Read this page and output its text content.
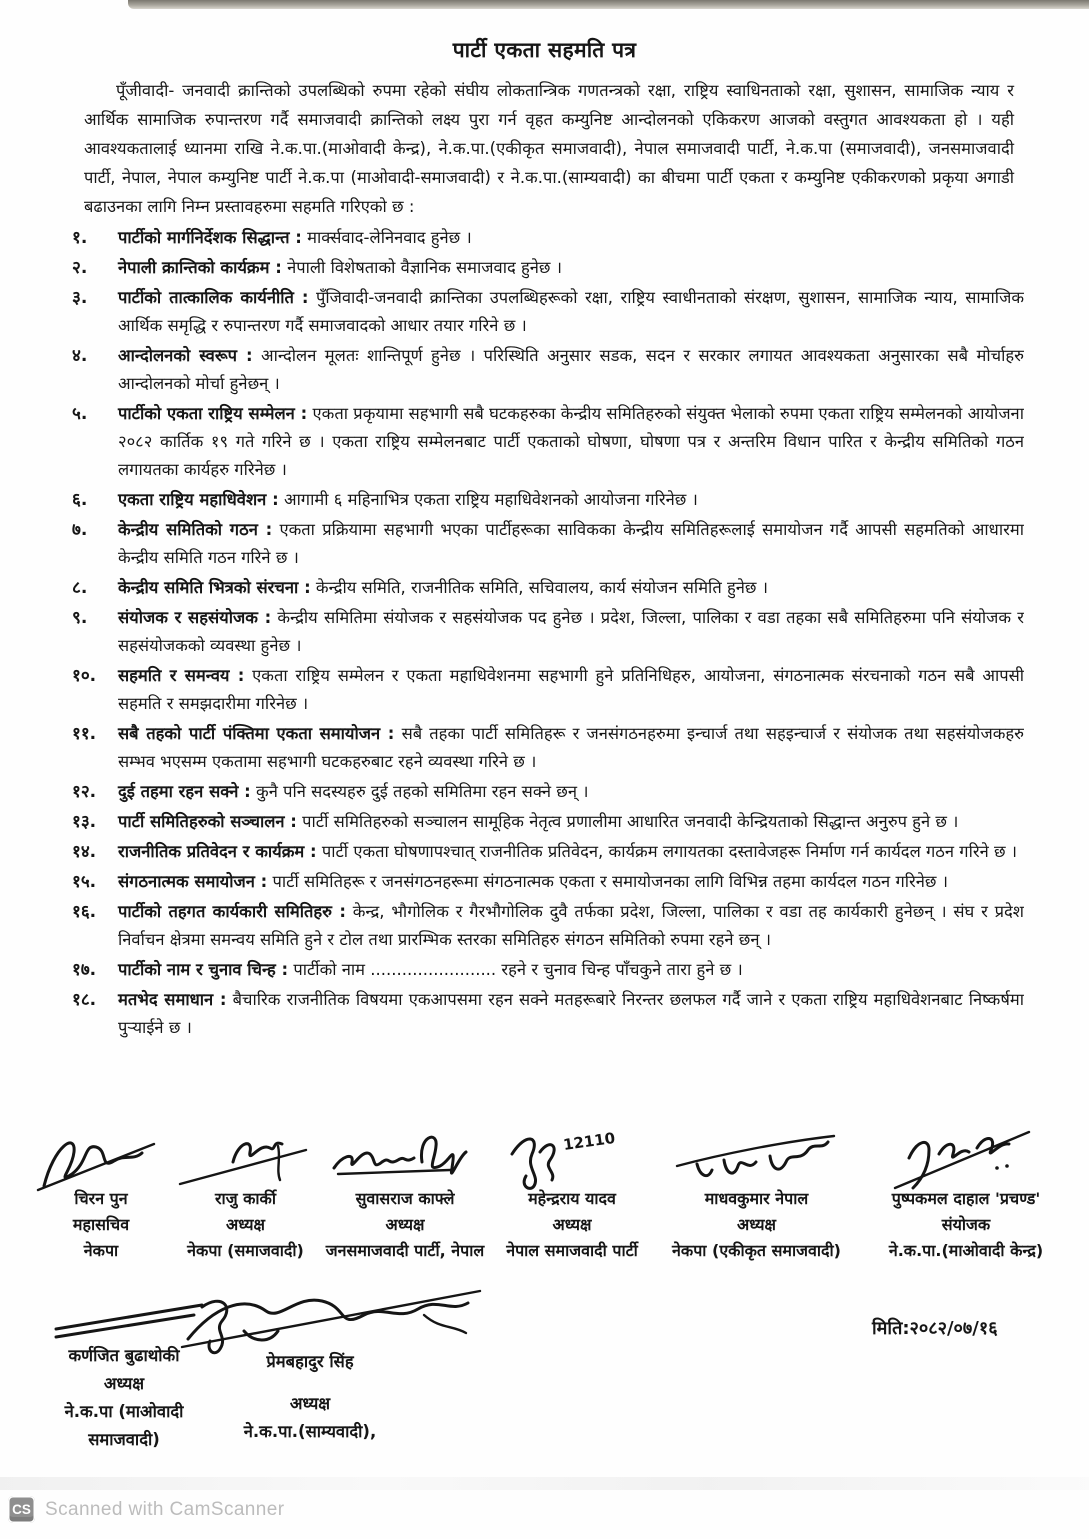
पार्टी एकता सहमति पत्र
पूँजीवादी- जनवादी क्रान्तिको उपलब्धिको रुपमा रहेको संघीय लोकतान्त्रिक गणतन्त्रको रक्षा, राष्ट्रिय स्वाधिनताको रक्षा, सुशासन, सामाजिक न्याय र आर्थिक सामाजिक रुपान्तरण गर्दै समाजवादी क्रान्तिको लक्ष्य पुरा गर्न वृहत कम्युनिष्ट आन्दोलनको एकिकरण आजको वस्तुगत आवश्यकता हो । यही आवश्यकतालाई ध्यानमा राखि ने.क.पा.(माओवादी केन्द्र), ने.क.पा.(एकीकृत समाजवादी), नेपाल समाजवादी पार्टी, ने.क.पा (समाजवादी), जनसमाजवादी पार्टी, नेपाल, नेपाल कम्युनिष्ट पार्टी ने.क.पा (माओवादी-समाजवादी) र ने.क.पा.(साम्यवादी) का बीचमा पार्टी एकता र कम्युनिष्ट एकीकरणको प्रकृया अगाडी बढाउनका लागि निम्न प्रस्तावहरुमा सहमति गरिएको छ :
१.	पार्टीको मार्गनिर्देशक सिद्धान्त : मार्क्सवाद-लेनिनवाद हुनेछ ।
२.	नेपाली क्रान्तिको कार्यक्रम : नेपाली विशेषताको वैज्ञानिक समाजवाद हुनेछ ।
३.	पार्टीको तात्कालिक कार्यनीति : पुँजिवादी-जनवादी क्रान्तिका उपलब्धिहरूको रक्षा, राष्ट्रिय स्वाधीनताको संरक्षण, सुशासन, सामाजिक न्याय, सामाजिक आर्थिक समृद्धि र रुपान्तरण गर्दै समाजवादको आधार तयार गरिने छ ।
४.	आन्दोलनको स्वरूप : आन्दोलन मूलतः शान्तिपूर्ण हुनेछ । परिस्थिति अनुसार सडक, सदन र सरकार लगायत आवश्यकता अनुसारका सबै मोर्चाहरु आन्दोलनको मोर्चा हुनेछन् ।
५.	पार्टीको एकता राष्ट्रिय सम्मेलन : एकता प्रकृयामा सहभागी सबै घटकहरुका केन्द्रीय समितिहरुको संयुक्त भेलाको रुपमा एकता राष्ट्रिय सम्मेलनको आयोजना २०८२ कार्तिक १९ गते गरिने छ । एकता राष्ट्रिय सम्मेलनबाट पार्टी एकताको घोषणा, घोषणा पत्र र अन्तरिम विधान पारित र केन्द्रीय समितिको गठन लगायतका कार्यहरु गरिनेछ ।
६.	एकता राष्ट्रिय महाधिवेशन : आगामी ६ महिनाभित्र एकता राष्ट्रिय महाधिवेशनको आयोजना गरिनेछ ।
७.	केन्द्रीय समितिको गठन : एकता प्रक्रियामा सहभागी भएका पार्टीहरूका साविकका केन्द्रीय समितिहरूलाई समायोजन गर्दै आपसी सहमतिको आधारमा केन्द्रीय समिति गठन गरिने छ ।
८.	केन्द्रीय समिति भित्रको संरचना : केन्द्रीय समिति, राजनीतिक समिति, सचिवालय, कार्य संयोजन समिति हुनेछ ।
९.	संयोजक र सहसंयोजक : केन्द्रीय समितिमा संयोजक र सहसंयोजक पद हुनेछ । प्रदेश, जिल्ला, पालिका र वडा तहका सबै समितिहरुमा पनि संयोजक र सहसंयोजकको व्यवस्था हुनेछ ।
१०.	सहमति र समन्वय : एकता राष्ट्रिय सम्मेलन र एकता महाधिवेशनमा सहभागी हुने प्रतिनिधिहरु, आयोजना, संगठनात्मक संरचनाको गठन सबै आपसी सहमति र समझदारीमा गरिनेछ ।
११.	सबै तहको पार्टी पंक्तिमा एकता समायोजन : सबै तहका पार्टी समितिहरू र जनसंगठनहरुमा इन्चार्ज तथा सहइन्चार्ज र संयोजक तथा सहसंयोजकहरु सम्भव भएसम्म एकतामा सहभागी घटकहरुबाट रहने व्यवस्था गरिने छ ।
१२.	दुई तहमा रहन सक्ने : कुनै पनि सदस्यहरु दुई तहको समितिमा रहन सक्ने छन् ।
१३.	पार्टी समितिहरुको सञ्चालन : पार्टी समितिहरुको सञ्चालन सामूहिक नेतृत्व प्रणालीमा आधारित जनवादी केन्द्रियताको सिद्धान्त अनुरुप हुने छ ।
१४.	राजनीतिक प्रतिवेदन र कार्यक्रम : पार्टी एकता घोषणापश्चात् राजनीतिक प्रतिवेदन, कार्यक्रम लगायतका दस्तावेजहरू निर्माण गर्न कार्यदल गठन गरिने छ ।
१५.	संगठनात्मक समायोजन : पार्टी समितिहरू र जनसंगठनहरूमा संगठनात्मक एकता र समायोजनका लागि विभिन्न तहमा कार्यदल गठन गरिनेछ ।
१६.	पार्टीको तहगत कार्यकारी समितिहरु : केन्द्र, भौगोलिक र गैरभौगोलिक दुवै तर्फका प्रदेश, जिल्ला, पालिका र वडा तह कार्यकारी हुनेछन् । संघ र प्रदेश निर्वाचन क्षेत्रमा समन्वय समिति हुने र टोल तथा प्रारम्भिक स्तरका समितिहरु संगठन समितिको रुपमा रहने छन् ।
१७.	पार्टीको नाम र चुनाव चिन्ह : पार्टीको नाम ........................ रहने र चुनाव चिन्ह पाँचकुने तारा हुने छ ।
१८.	मतभेद समाधान : बैचारिक राजनीतिक विषयमा एकआपसमा रहन सक्ने मतहरूबारे निरन्तर छलफल गर्दै जाने र एकता राष्ट्रिय महाधिवेशनबाट निष्कर्षमा पुऱ्याईने छ ।
चिरन पुन
महासचिव
नेकपा
राजु कार्की
अध्यक्ष
नेकपा (समाजवादी)
सुवासराज काफ्ले
अध्यक्ष
जनसमाजवादी पार्टी, नेपाल
12110
महेन्द्रराय यादव
अध्यक्ष
नेपाल समाजवादी पार्टी
माधवकुमार नेपाल
अध्यक्ष
नेकपा (एकीकृत समाजवादी)
पुष्पकमल दाहाल 'प्रचण्ड'
संयोजक
ने.क.पा.(माओवादी केन्द्र)
कर्णजित बुढाथोकी
अध्यक्ष
ने.क.पा (माओवादी समाजवादी)
प्रेमबहादुर सिंह
अध्यक्ष
ने.क.पा.(साम्यवादी),
मिति:२०८२/०७/१६
CS Scanned with CamScanner
